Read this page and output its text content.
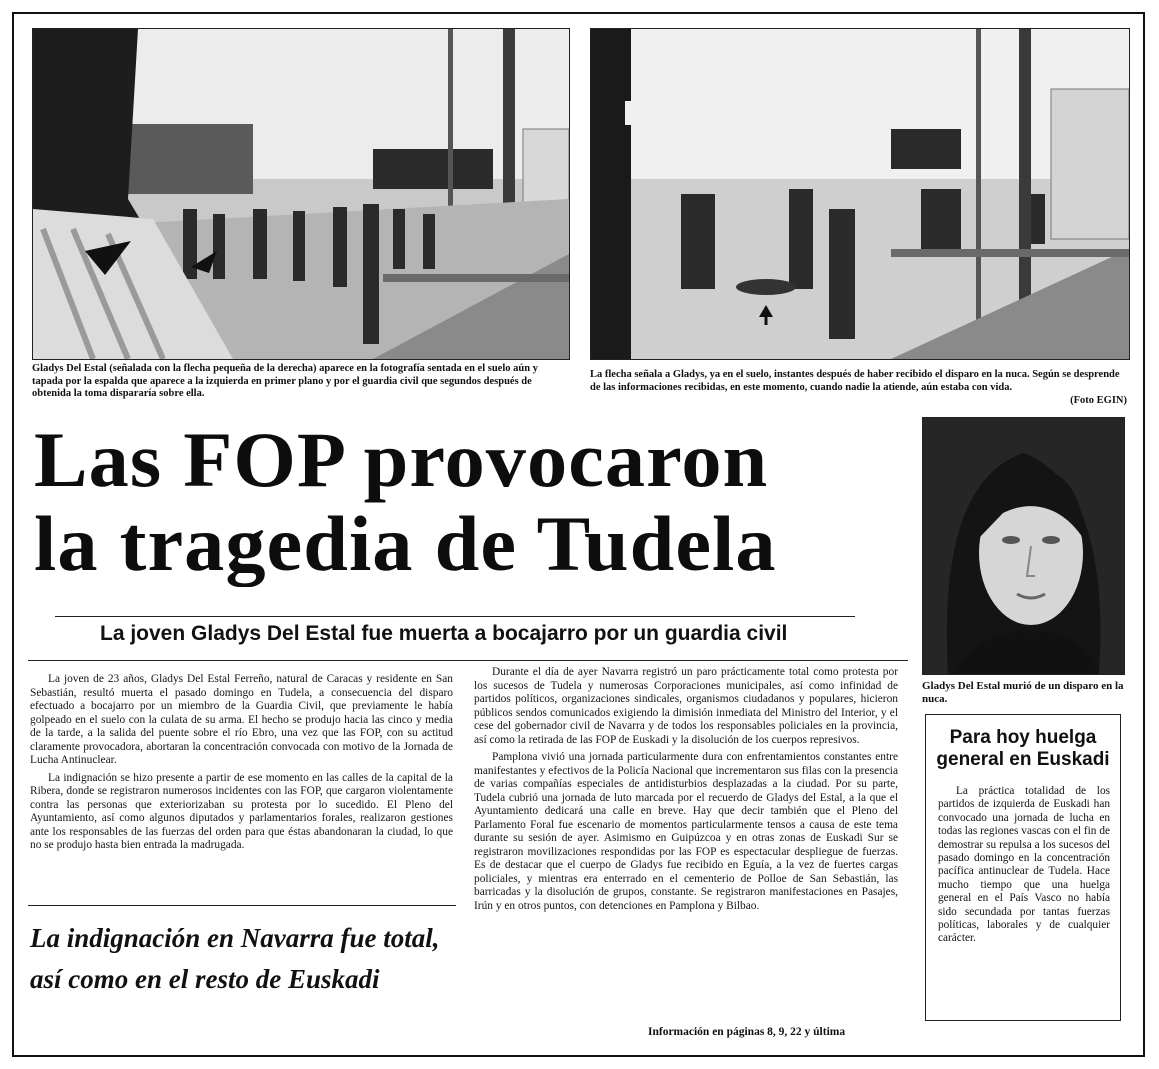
Gladys Del Estal (señalada con la flecha pequeña de la derecha) aparece en la fotografía sentada en el suelo aún y tapada por la espalda que aparece a la izquierda en primer plano y por el guardia civil que segundos después de obtenida la toma dispararía sobre ella.

La flecha señala a Gladys, ya en el suelo, instantes después de haber recibido el disparo en la nuca. Según se desprende de las informaciones recibidas, en este momento, cuando nadie la atiende, aún estaba con vida.
(Foto EGIN)

Las FOP provocaron
la tragedia de Tudela
La joven Gladys Del Estal fue muerta a bocajarro por un guardia civil

La joven de 23 años, Gladys Del Estal Ferreño, natural de Caracas y residente en San Sebastián, resultó muerta el pasado domingo en Tudela, a consecuencia del disparo efectuado a bocajarro por un miembro de la Guardia Civil, que previamente le había golpeado en el suelo con la culata de su arma. El hecho se produjo hacia las cinco y media de la tarde, a la salida del puente sobre el río Ebro, una vez que las FOP, con su actitud claramente provocadora, abortaran la concentración convocada con motivo de la Jornada de Lucha Antinuclear.

La indignación se hizo presente a partir de ese momento en las calles de la capital de la Ribera, donde se registraron numerosos incidentes con las FOP, que cargaron violentamente contra las personas que exteriorizaban su protesta por lo sucedido. El Pleno del Ayuntamiento, así como algunos diputados y parlamentarios forales, realizaron gestiones ante los responsables de las fuerzas del orden para que éstas abandonaran la ciudad, lo que no se produjo hasta bien entrada la madrugada.

La indignación en Navarra fue total, así como en el resto de Euskadi

Durante el día de ayer Navarra registró un paro prácticamente total como protesta por los sucesos de Tudela y numerosas Corporaciones municipales, así como infinidad de partidos políticos, organizaciones sindicales, organismos ciudadanos y populares, hicieron públicos sendos comunicados exigiendo la dimisión inmediata del Ministro del Interior, y el cese del gobernador civil de Navarra y de todos los responsables policiales en la provincia, así como la retirada de las FOP de Euskadi y la disolución de los cuerpos represivos.

Pamplona vivió una jornada particularmente dura con enfrentamientos constantes entre manifestantes y efectivos de la Policía Nacional que incrementaron sus filas con la presencia de varias compañías especiales de antidisturbios desplazadas a la ciudad. Por su parte, Tudela cubrió una jornada de luto marcada por el recuerdo de Gladys del Estal, a la que el Ayuntamiento dedicará una calle en breve. Hay que decir también que el Pleno del Parlamento Foral fue escenario de momentos particularmente tensos a causa de este tema durante su sesión de ayer. Asimismo en Guipúzcoa y en otras zonas de Euskadi Sur se registraron movilizaciones respondidas por las FOP es espectacular despliegue de fuerzas. Es de destacar que el cuerpo de Gladys fue recibido en Eguía, a la vez de fuertes cargas policiales, y mientras era enterrado en el cementerio de Polloe de San Sebastián, las barricadas y la disolución de grupos, constante. Se registraron manifestaciones en Pasajes, Irún y en otros puntos, con detenciones en Pamplona y Bilbao.

Información en páginas 8, 9, 22 y última

Gladys Del Estal murió de un disparo en la nuca.

Para hoy huelga general en Euskadi

La práctica totalidad de los partidos de izquierda de Euskadi han convocado una jornada de lucha en todas las regiones vascas con el fin de demostrar su repulsa a los sucesos del pasado domingo en la concentración pacífica antinuclear de Tudela. Hace mucho tiempo que una huelga general en el País Vasco no había sido secundada por tantas fuerzas políticas, laborales y de cualquier carácter.
